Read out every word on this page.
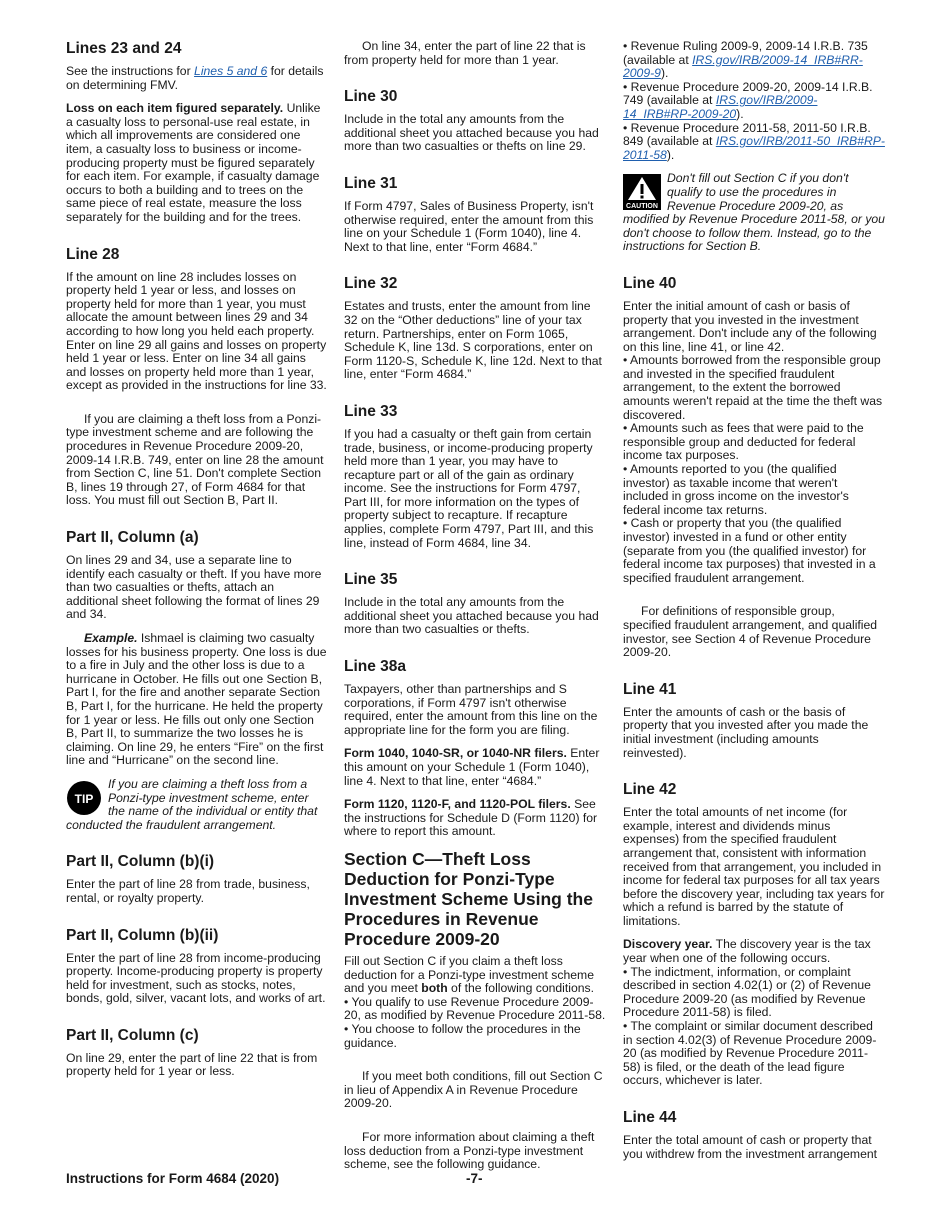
Lines 23 and 24

See the instructions for Lines 5 and 6 for details on determining FMV.

Loss on each item figured separately. Unlike a casualty loss to personal-use real estate, in which all improvements are considered one item, a casualty loss to business or income-producing property must be figured separately for each item. For example, if casualty damage occurs to both a building and to trees on the same piece of real estate, measure the loss separately for the building and for the trees.

Line 28

If the amount on line 28 includes losses on property held 1 year or less, and losses on property held for more than 1 year, you must allocate the amount between lines 29 and 34 according to how long you held each property. Enter on line 29 all gains and losses on property held 1 year or less. Enter on line 34 all gains and losses on property held more than 1 year, except as provided in the instructions for line 33.

If you are claiming a theft loss from a Ponzi-type investment scheme and are following the procedures in Revenue Procedure 2009-20, 2009-14 I.R.B. 749, enter on line 28 the amount from Section C, line 51. Don't complete Section B, lines 19 through 27, of Form 4684 for that loss. You must fill out Section B, Part II.

Part II, Column (a)

On lines 29 and 34, use a separate line to identify each casualty or theft. If you have more than two casualties or thefts, attach an additional sheet following the format of lines 29 and 34.

Example. Ishmael is claiming two casualty losses for his business property. One loss is due to a fire in July and the other loss is due to a hurricane in October. He fills out one Section B, Part I, for the fire and another separate Section B, Part I, for the hurricane. He held the property for 1 year or less. He fills out only one Section B, Part II, to summarize the two losses he is claiming. On line 29, he enters “Fire” on the first line and “Hurricane” on the second line.

TIP

If you are claiming a theft loss from a Ponzi-type investment scheme, enter the name of the individual or entity that conducted the fraudulent arrangement.

Part II, Column (b)(i)

Enter the part of line 28 from trade, business, rental, or royalty property.

Part II, Column (b)(ii)

Enter the part of line 28 from income-producing property. Income-producing property is property held for investment, such as stocks, notes, bonds, gold, silver, vacant lots, and works of art.

Part II, Column (c)

On line 29, enter the part of line 22 that is from property held for 1 year or less.

On line 34, enter the part of line 22 that is from property held for more than 1 year.

Line 30

Include in the total any amounts from the additional sheet you attached because you had more than two casualties or thefts on line 29.

Line 31

If Form 4797, Sales of Business Property, isn't otherwise required, enter the amount from this line on your Schedule 1 (Form 1040), line 4. Next to that line, enter “Form 4684.”

Line 32

Estates and trusts, enter the amount from line 32 on the “Other deductions” line of your tax return. Partnerships, enter on Form 1065, Schedule K, line 13d. S corporations, enter on Form 1120-S, Schedule K, line 12d. Next to that line, enter “Form 4684.”

Line 33

If you had a casualty or theft gain from certain trade, business, or income-producing property held more than 1 year, you may have to recapture part or all of the gain as ordinary income. See the instructions for Form 4797, Part III, for more information on the types of property subject to recapture. If recapture applies, complete Form 4797, Part III, and this line, instead of Form 4684, line 34.

Line 35

Include in the total any amounts from the additional sheet you attached because you had more than two casualties or thefts.

Line 38a

Taxpayers, other than partnerships and S corporations, if Form 4797 isn't otherwise required, enter the amount from this line on the appropriate line for the form you are filing.

Form 1040, 1040-SR, or 1040-NR filers. Enter this amount on your Schedule 1 (Form 1040), line 4. Next to that line, enter “4684.”

Form 1120, 1120-F, and 1120-POL filers. See the instructions for Schedule D (Form 1120) for where to report this amount.

Section C—Theft Loss Deduction for Ponzi-Type Investment Scheme Using the Procedures in Revenue Procedure 2009-20

Fill out Section C if you claim a theft loss deduction for a Ponzi-type investment scheme and you meet both of the following conditions.

• You qualify to use Revenue Procedure 2009-20, as modified by Revenue Procedure 2011-58.

• You choose to follow the procedures in the guidance.

If you meet both conditions, fill out Section C in lieu of Appendix A in Revenue Procedure 2009-20.

For more information about claiming a theft loss deduction from a Ponzi-type investment scheme, see the following guidance.

• Revenue Ruling 2009-9, 2009-14 I.R.B. 735 (available at IRS.gov/IRB/2009-14_IRB#RR-2009-9).

• Revenue Procedure 2009-20, 2009-14 I.R.B. 749 (available at IRS.gov/IRB/2009-14_IRB#RP-2009-20).

• Revenue Procedure 2011-58, 2011-50 I.R.B. 849 (available at IRS.gov/IRB/2011-50_IRB#RP-2011-58).

CAUTION

Don't fill out Section C if you don't qualify to use the procedures in Revenue Procedure 2009-20, as modified by Revenue Procedure 2011-58, or you don't choose to follow them. Instead, go to the instructions for Section B.

Line 40

Enter the initial amount of cash or basis of property that you invested in the investment arrangement. Don't include any of the following on this line, line 41, or line 42.

• Amounts borrowed from the responsible group and invested in the specified fraudulent arrangement, to the extent the borrowed amounts weren't repaid at the time the theft was discovered.

• Amounts such as fees that were paid to the responsible group and deducted for federal income tax purposes.

• Amounts reported to you (the qualified investor) as taxable income that weren't included in gross income on the investor's federal income tax returns.

• Cash or property that you (the qualified investor) invested in a fund or other entity (separate from you (the qualified investor) for federal income tax purposes) that invested in a specified fraudulent arrangement.

For definitions of responsible group, specified fraudulent arrangement, and qualified investor, see Section 4 of Revenue Procedure 2009-20.

Line 41

Enter the amounts of cash or the basis of property that you invested after you made the initial investment (including amounts reinvested).

Line 42

Enter the total amounts of net income (for example, interest and dividends minus expenses) from the specified fraudulent arrangement that, consistent with information received from that arrangement, you included in income for federal tax purposes for all tax years before the discovery year, including tax years for which a refund is barred by the statute of limitations.

Discovery year. The discovery year is the tax year when one of the following occurs.

• The indictment, information, or complaint described in section 4.02(1) or (2) of Revenue Procedure 2009-20 (as modified by Revenue Procedure 2011-58) is filed.

• The complaint or similar document described in section 4.02(3) of Revenue Procedure 2009-20 (as modified by Revenue Procedure 2011-58) is filed, or the death of the lead figure occurs, whichever is later.

Line 44

Enter the total amount of cash or property that you withdrew from the investment arrangement

Instructions for Form 4684 (2020)	-7-
